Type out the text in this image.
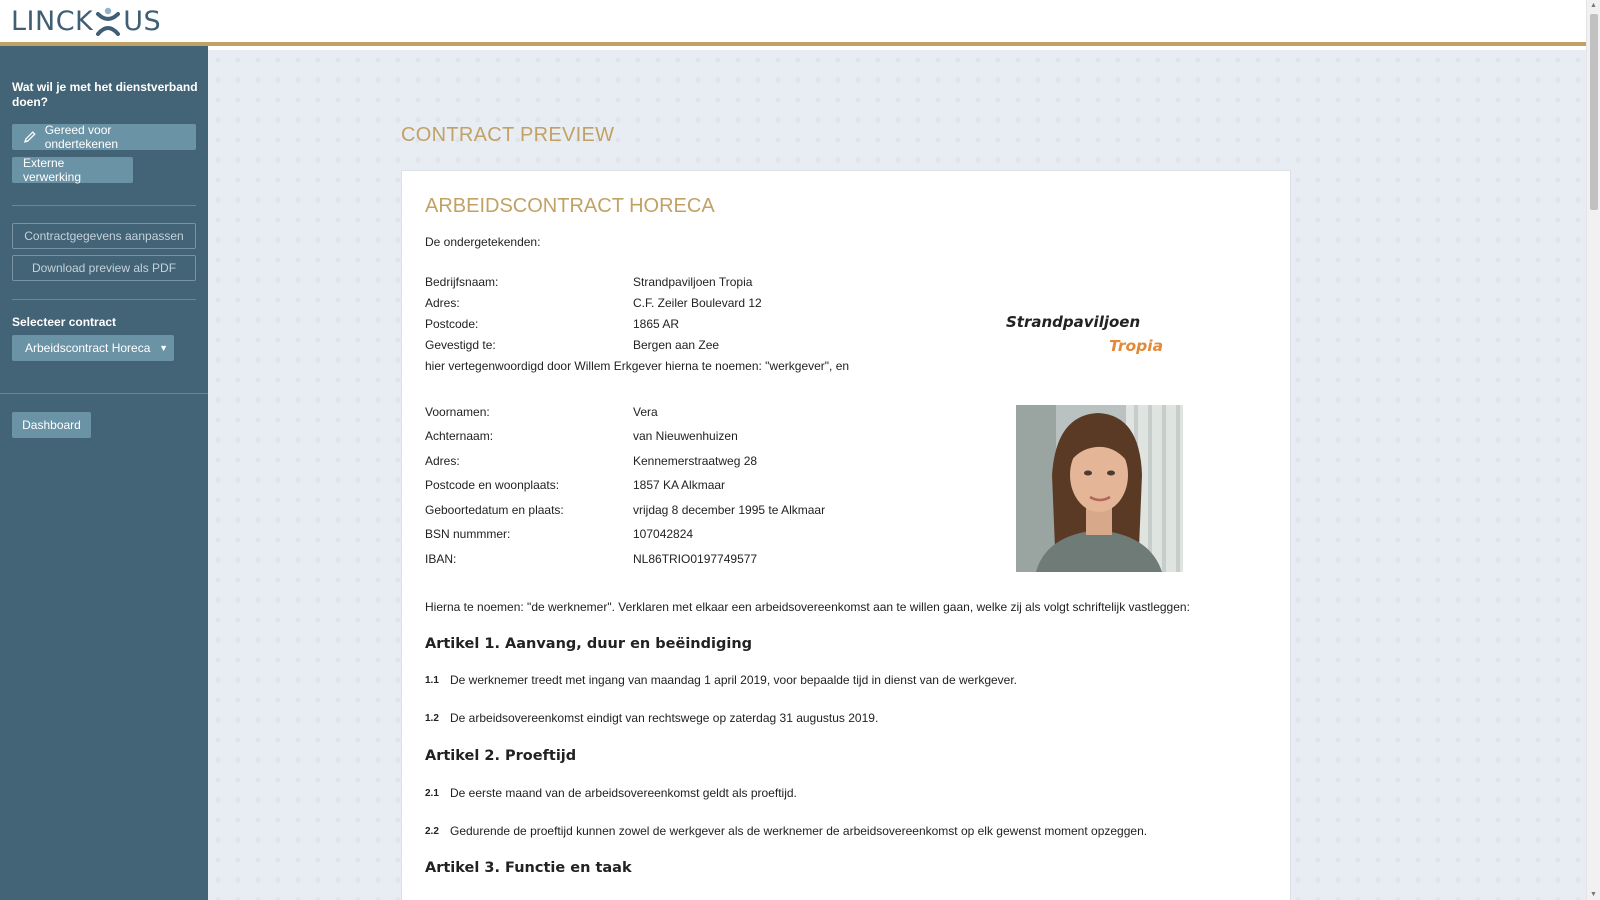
LINCK US
Wat wil je met het dienstverband doen?
Gereed voor ondertekenen
Externe verwerking
Contractgegevens aanpassen
Download preview als PDF
Selecteer contract
Arbeidscontract Horeca ▼
Dashboard
CONTRACT PREVIEW
ARBEIDSCONTRACT HORECA
De ondergetekenden:
Bedrijfsnaam:	Strandpaviljoen Tropia
Adres:	C.F. Zeiler Boulevard 12
Postcode:	1865 AR
Gevestigd te:	Bergen aan Zee
hier vertegenwoordigd door Willem Erkgever hierna te noemen: "werkgever", en
Strandpaviljoen
Tropia
Voornamen:	Vera
Achternaam:	van Nieuwenhuizen
Adres:	Kennemerstraatweg 28
Postcode en woonplaats:	1857 KA Alkmaar
Geboortedatum en plaats:	vrijdag 8 december 1995 te Alkmaar
BSN nummmer:	107042824
IBAN:	NL86TRIO0197749577
Hierna te noemen: "de werknemer". Verklaren met elkaar een arbeidsovereenkomst aan te willen gaan, welke zij als volgt schriftelijk vastleggen:
Artikel 1. Aanvang, duur en beëindiging
1.1 De werknemer treedt met ingang van maandag 1 april 2019, voor bepaalde tijd in dienst van de werkgever.
1.2 De arbeidsovereenkomst eindigt van rechtswege op zaterdag 31 augustus 2019.
Artikel 2. Proeftijd
2.1 De eerste maand van de arbeidsovereenkomst geldt als proeftijd.
2.2 Gedurende de proeftijd kunnen zowel de werkgever als de werknemer de arbeidsovereenkomst op elk gewenst moment opzeggen.
Artikel 3. Functie en taak
▲
▼
